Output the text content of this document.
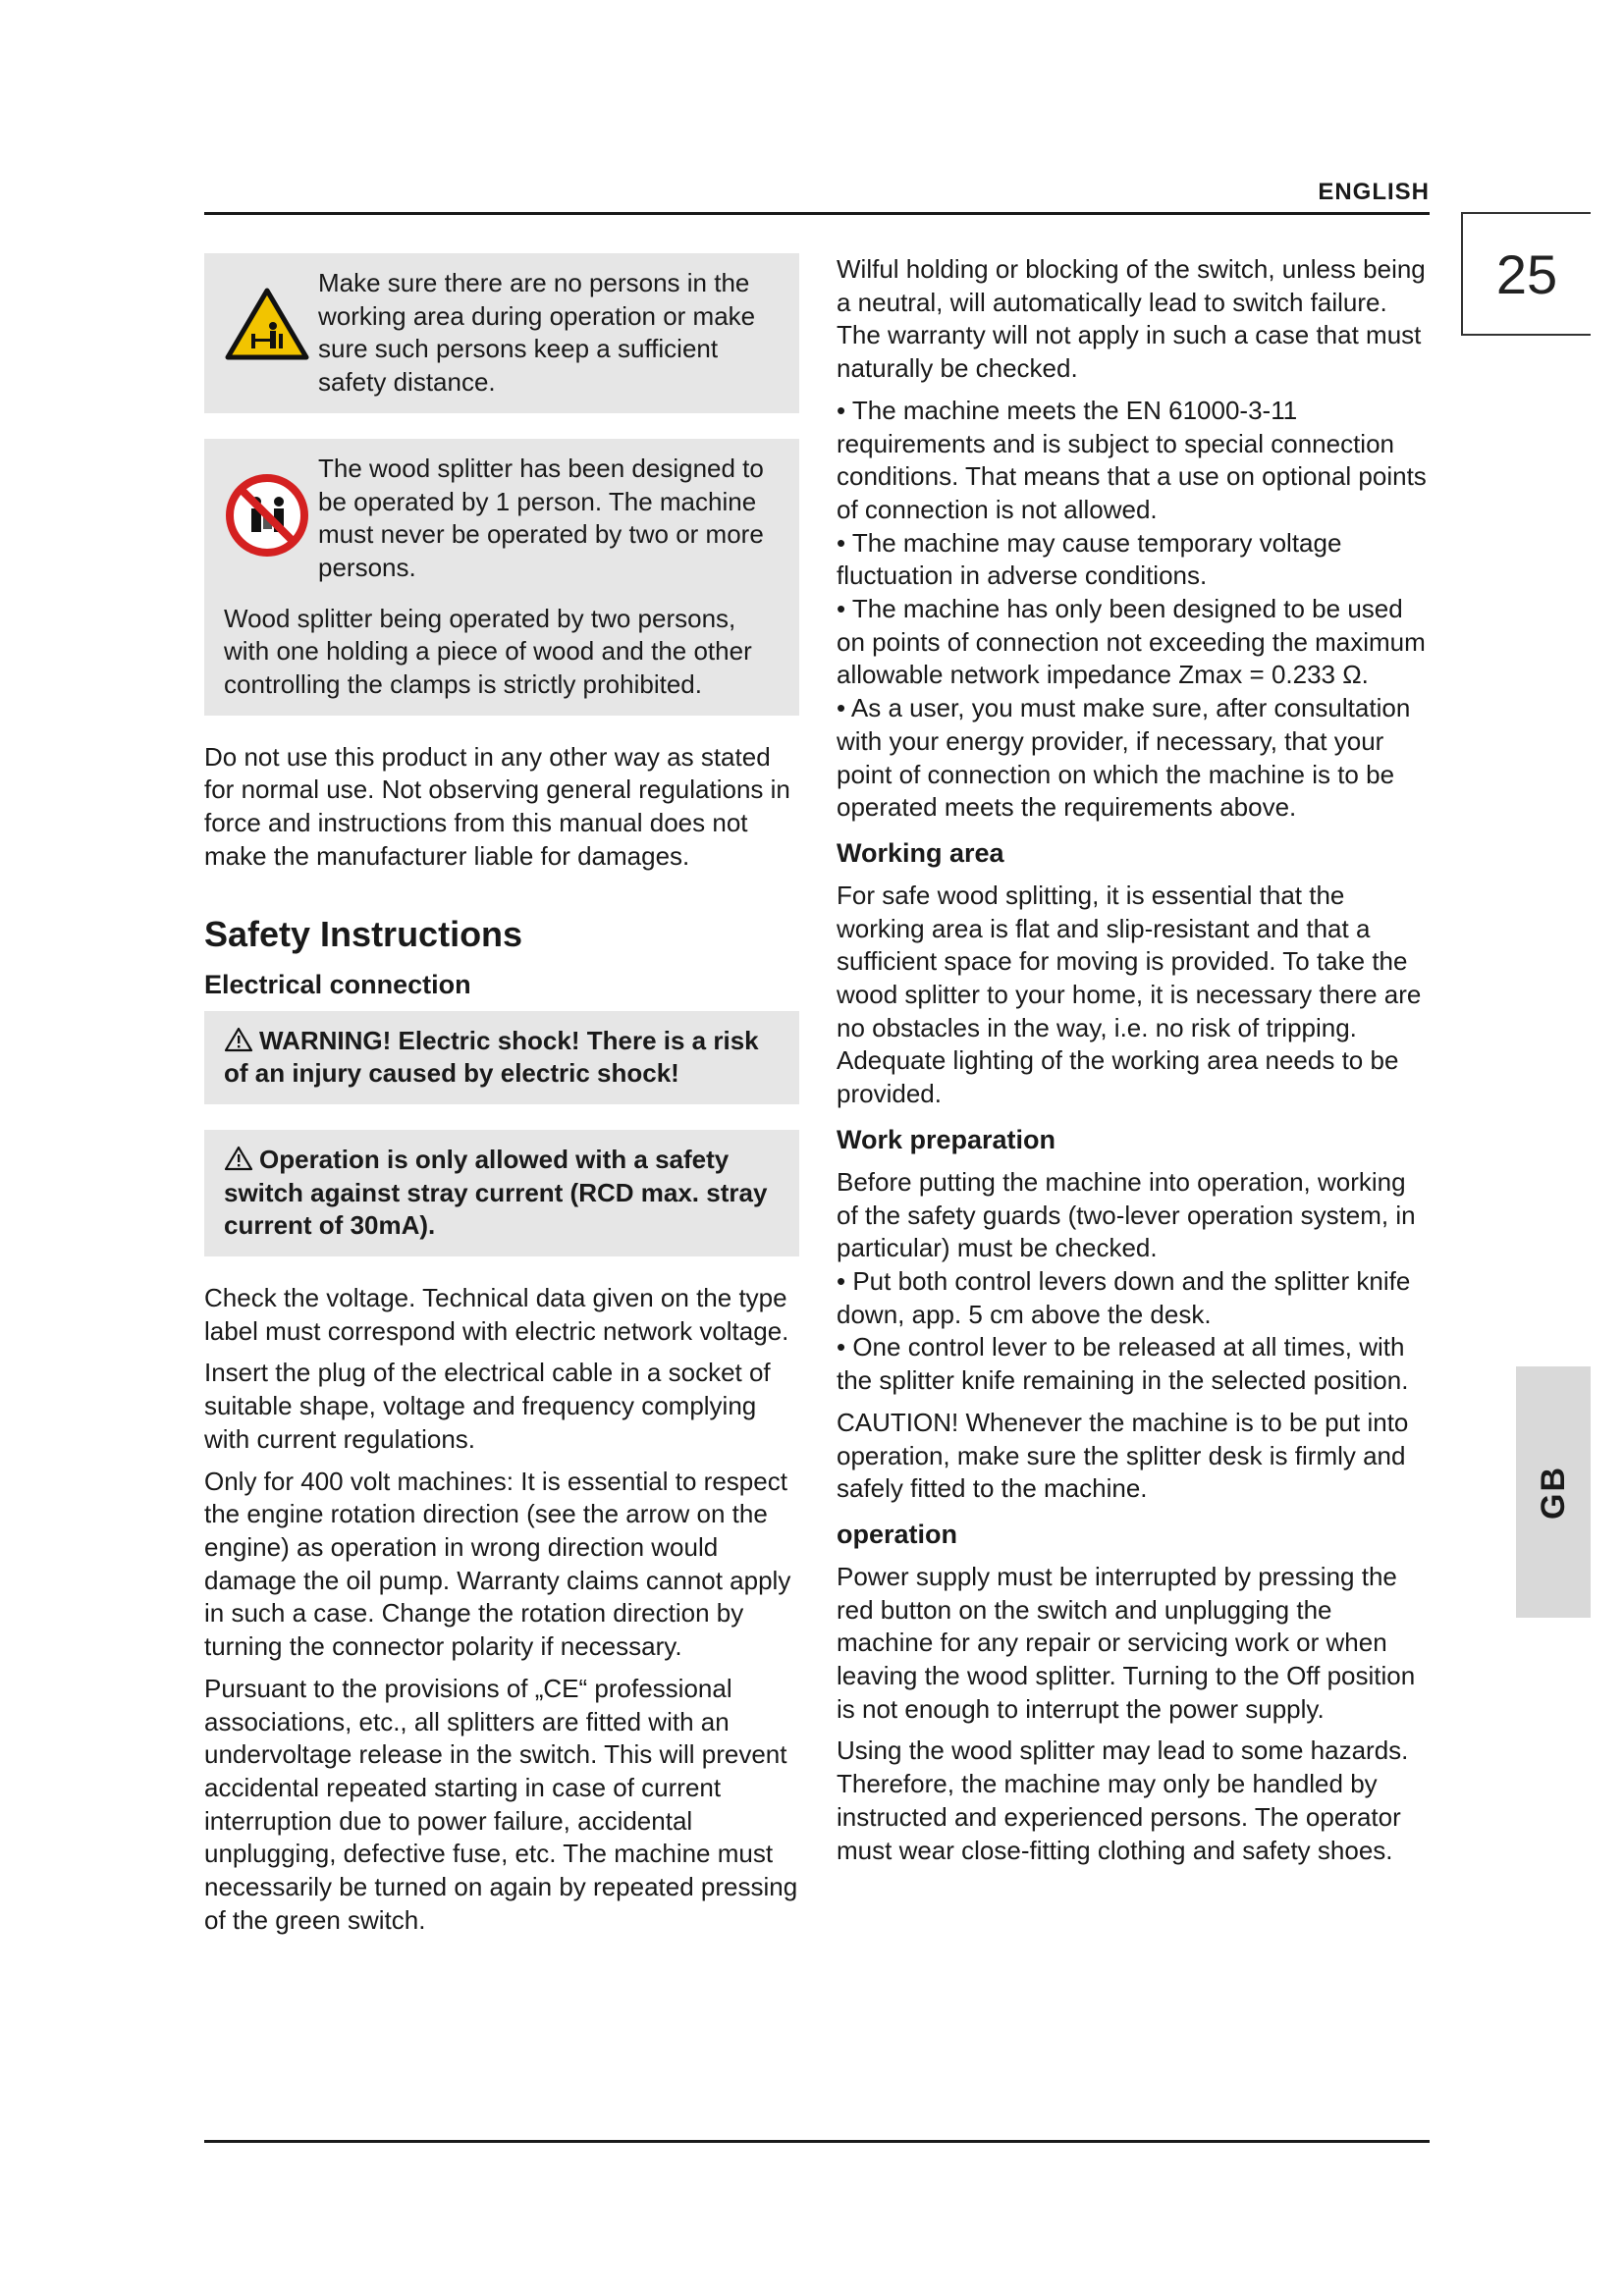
ENGLISH
25
GB
Make sure there are no persons in the working area during operation or make sure such persons keep a sufficient safety distance.
The wood splitter has been designed to be operated by 1 person. The machine must never be operated by two or more persons.
Wood splitter being operated by two persons, with one holding a piece of wood and the other controlling the clamps is strictly prohibited.

Do not use this product in any other way as stated for normal use. Not observing general regulations in force and instructions from this manual does not make the manufacturer liable for damages.

Safety Instructions
Electrical connection
WARNING! Electric shock! There is a risk of an injury caused by electric shock!
Operation is only allowed with a safety switch against stray current (RCD max. stray current of 30mA).

Check the voltage. Technical data given on the type label must correspond with electric network voltage.

Insert the plug of the electrical cable in a socket of suitable shape, voltage and frequency complying with current regulations.

Only for 400 volt machines: It is essential to respect the engine rotation direction (see the arrow on the engine) as operation in wrong direction would damage the oil pump. Warranty claims cannot apply in such a case. Change the rotation direction by turning the connector polarity if necessary.

Pursuant to the provisions of „CE“ professional associations, etc., all splitters are fitted with an undervoltage release in the switch. This will prevent accidental repeated starting in case of current interruption due to power failure, accidental unplugging, defective fuse, etc. The machine must necessarily be turned on again by repeated pressing of the green switch.

Wilful holding or blocking of the switch, unless being a neutral, will automatically lead to switch failure. The warranty will not apply in such a case that must naturally be checked.

• The machine meets the EN 61000-3-11 requirements and is subject to special connection conditions. That means that a use on optional points of connection is not allowed.

• The machine may cause temporary voltage fluctuation in adverse conditions.

• The machine has only been designed to be used on points of connection not exceeding the maximum allowable network impedance Zmax = 0.233 Ω.

• As a user, you must make sure, after consultation with your energy provider, if necessary, that your point of connection on which the machine is to be operated meets the requirements above.

Working area

For safe wood splitting, it is essential that the working area is flat and slip-resistant and that a sufficient space for moving is provided. To take the wood splitter to your home, it is necessary there are no obstacles in the way, i.e. no risk of tripping. Adequate lighting of the working area needs to be provided.

Work preparation

Before putting the machine into operation, working of the safety guards (two-lever operation system, in particular) must be checked.

• Put both control levers down and the splitter knife down, app. 5 cm above the desk.

• One control lever to be released at all times, with the splitter knife remaining in the selected position.

CAUTION! Whenever the machine is to be put into operation, make sure the splitter desk is firmly and safely fitted to the machine.

operation

Power supply must be interrupted by pressing the red button on the switch and unplugging the machine for any repair or servicing work or when leaving the wood splitter. Turning to the Off position is not enough to interrupt the power supply.

Using the wood splitter may lead to some hazards. Therefore, the machine may only be handled by instructed and experienced persons. The operator must wear close-fitting clothing and safety shoes.
